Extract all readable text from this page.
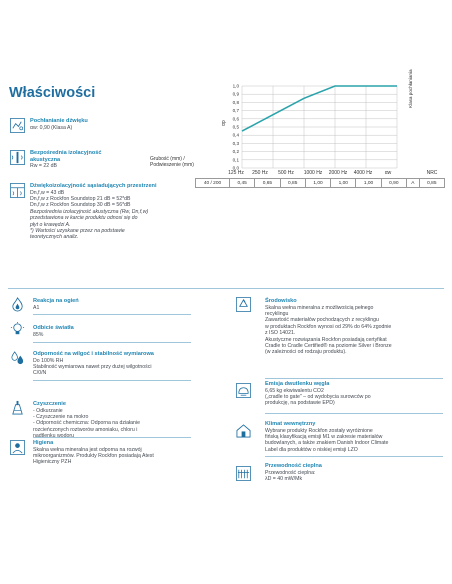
Właściwości
Pochłanianie dźwięku
αw: 0,90 (Klasa A)
Bezpośrednia izolacyjność akustyczna
Rw = 22 dB
Dźwiękoizolacyjność sąsiadujących przestrzeni
Dn,f,w = 43 dB
Dn,f,w z Rockfon Soundstop 21 dB = 52*dB
Dn,f,w z Rockfon Soundstop 30 dB = 56*dB
Bezpośrednia izolacyjność akustyczna (Rw, Dn,f,w)
przedstawiona w karcie produktu odnosi się do
płyt o krawędzi A.
*) Wartości uzyskane przez na podstawie
teoretycznych analiz.
0,0
0,1
0,2
0,3
0,4
0,5
0,6
0,7
0,8
0,9
1,0
αp
Klasa pochłaniania
Grubość (mm) /
Podwieszenie (mm)
125 Hz	250 Hz	500 Hz	1000 Hz	2000 Hz	4000 Hz	αw	NRC
40 / 200	0,45	0,65	0,85	1,00	1,00	1,00	0,90	A	0,85
Reakcja na ogień
A1
Odbicie światła
85%
Odporność na wilgoć i stabilność wymiarowa
Do 100% RH
Stabilność wymiarowa nawet przy dużej wilgotności
C/0/N
Czyszczenie
- Odkurzanie
- Czyszczenie na mokro
- Odporność chemiczna: Odporna na działanie
rozcieńczonych roztworów amoniaku, chloru i
Higiena
Skalna wełna mineralna jest odporna na rozwój
mikroorganizmów. Produkty Rockfon posiadają Atest
Higieniczny PZH
Środowisko
Skalna wełna mineralna z możliwością pełnego
recyklingu
Zawartość materiałów pochodzących z recyklingu
w produktach Rockfon wynosi od 29% do 64% zgodnie
z ISO 14021.
Akustyczne rozwiązania Rockfon posiadają certyfikat
Cradle to Cradle Certified® na poziomie Silver i Bronze
(w zależności od rodzaju produktu).
Emisja dwutlenku węgla
6,65 kg ekwiwalentu CO2
(„cradle to gate" – od wydobycia surowców po
produkcję, na podstawie EPD)
Klimat wewnętrzny
Wybrane produkty Rockfon zostały wyróżnione
fińską klasyfikacją emisji M1 w zakresie materiałów
budowlanych, a także znakiem Danish Indoor Climate
Label dla produktów o niskiej emisji LZO
Przewodność cieplna
Przewodność cieplna:
λD = 40 mW/Mk
